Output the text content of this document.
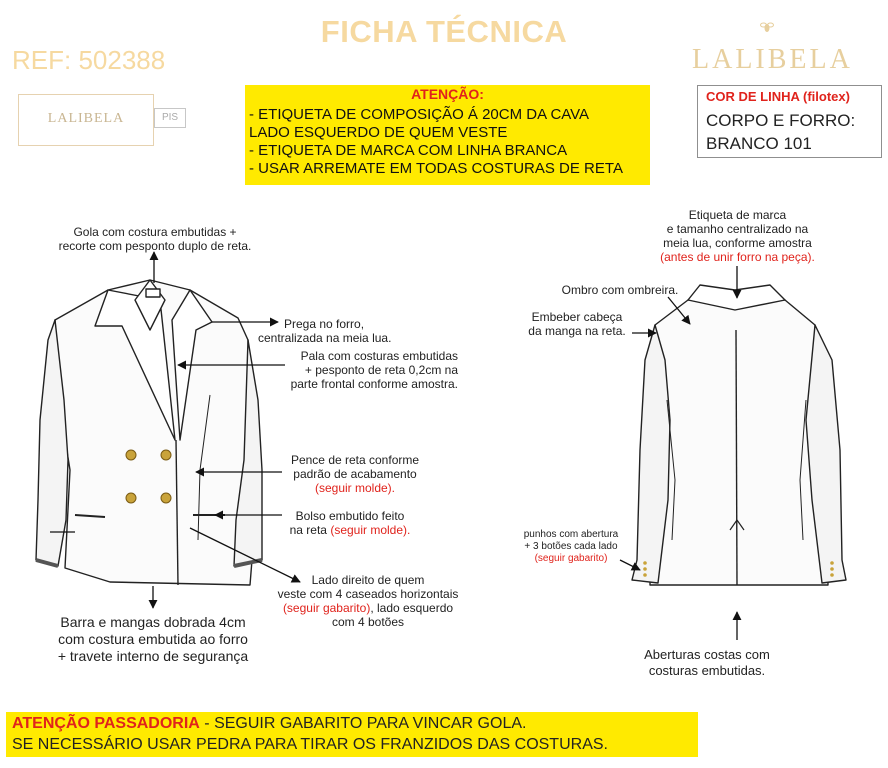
FICHA TÉCNICA
REF: 502388	LALIBELA
LALIBELA	PIS
ATENÇÃO:
- ETIQUETA DE COMPOSIÇÃO Á 20CM DA CAVA
LADO ESQUERDO DE QUEM VESTE
- ETIQUETA DE MARCA COM LINHA BRANCA
- USAR ARREMATE EM TODAS COSTURAS DE RETA
COR DE LINHA (filotex)
CORPO E FORRO:
BRANCO 101
Gola com costura embutidas +
recorte com pesponto duplo de reta.
Prega no forro,
centralizada na meia lua.
Pala com costuras embutidas
+ pesponto de reta 0,2cm na
parte frontal conforme amostra.
Pence de reta conforme
padrão de acabamento
(seguir molde).
Bolso embutido feito
na reta (seguir molde).
Lado direito de quem
veste com 4 caseados horizontais
(seguir gabarito), lado esquerdo
com 4 botões
Barra e mangas dobrada 4cm
com costura embutida ao forro
+ travete interno de segurança
Etiqueta de marca
e tamanho centralizado na
meia lua, conforme amostra
(antes de unir forro na peça).
Ombro com ombreira.
Embeber cabeça
da manga na reta.
punhos com abertura
+ 3 botões cada lado
(seguir gabarito)
Aberturas costas com
costuras embutidas.
ATENÇÃO PASSADORIA - SEGUIR GABARITO PARA VINCAR GOLA.
SE NECESSÁRIO USAR PEDRA PARA TIRAR OS FRANZIDOS DAS COSTURAS.
